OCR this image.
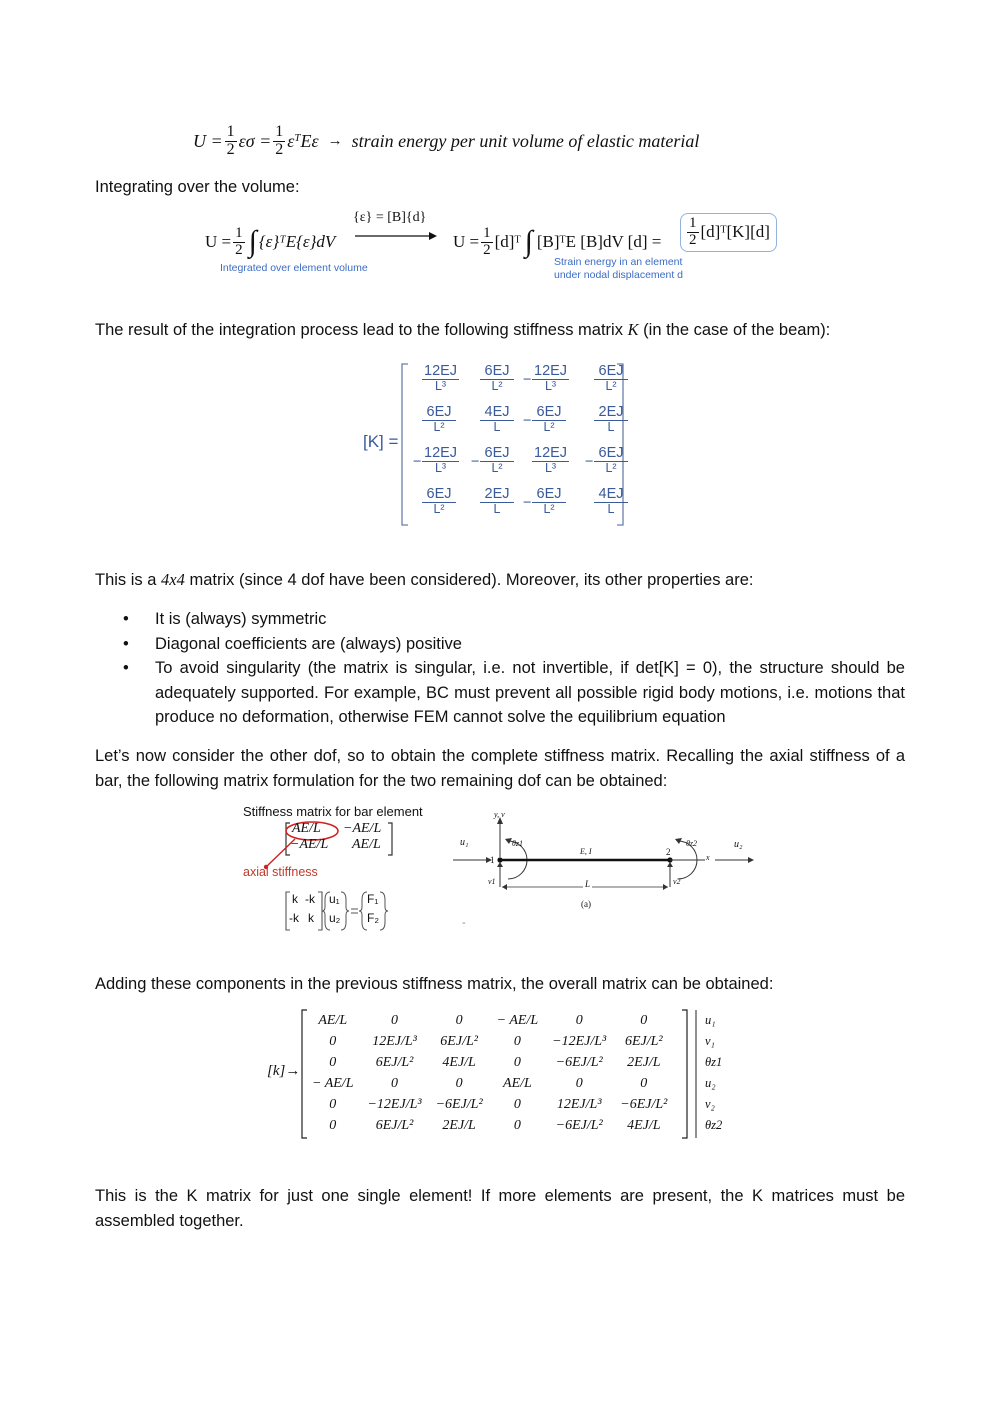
$U = \frac{1}{2}$ $\varepsilon\sigma = \frac{1}{2} \varepsilon^T$ Eε → strain energy per unit volume of elastic material
Integrating over the volume:
$U = \frac{1}{2}$ ∫ {ε}ᵀE{ε}dV
Integrated over element volume
{ε} = [B]{d}
$U = \frac{1}{2}$ [d]ᵀ ∫ [B]ᵀE [B]dV $[d] = \frac{1}{2}$ [d]ᵀ[K][d]
Strain energy in an element
under nodal displacement d
The result of the integration process lead to the following stiffness matrix K (in the case of the beam):
[K] =
$\frac{12EJ}{\text{L³}} \frac{6EJ}{\text{L²}} - \frac{12EJ}{\text{L³}} \frac{6EJ}{\text{L²}}$
$\frac{6EJ}{\text{L²}} \frac{4EJ}{L} - \frac{6EJ}{\text{L²}} \frac{2EJ}{L}$
− $\frac{12EJ}{\text{L³}} - \frac{6EJ}{\text{L²}} \frac{12EJ}{\text{L³}} - \frac{6EJ}{\text{L²}}$
$\frac{6EJ}{\text{L²}} \frac{2EJ}{L} - \frac{6EJ}{\text{L²}} \frac{4EJ}{L}$
This is a 4x4 matrix (since 4 dof have been considered). Moreover, its other properties are:
• It is (always) symmetric
• Diagonal coefficients are (always) positive
• To avoid singularity (the matrix is singular, i.e. not invertible, if det[K] = 0), the structure should be adequately supported. For example, BC must prevent all possible rigid body motions, i.e. motions that produce no deformation, otherwise FEM cannot solve the equilibrium equation
Let’s now consider the other dof, so to obtain the complete stiffness matrix. Recalling the axial stiffness of a bar, the following matrix formulation for the two remaining dof can be obtained:
Stiffness matrix for bar element
AE/L −AE/L
−AE/L AE/L
axial stiffness
k -k
-k k
u₁
u₂
F₁
F₂
y, v
u₁	θz1
E, I
1
2
θz2
x
u₂
v1	v2
L
(a)
-
Adding these components in the previous stiffness matrix, the overall matrix can be obtained:
[k]→
AE/L	0	0	− AE/L	0	0
0	12EJ/L³	6EJ/L²	0	−12EJ/L³	6EJ/L²
0	6EJ/L²	4EJ/L	0	−6EJ/L²	2EJ/L
− AE/L	0	0	AE/L	0	0
0	−12EJ/L³	−6EJ/L²	0	12EJ/L³	−6EJ/L²
0	6EJ/L²	2EJ/L	0	−6EJ/L²	4EJ/L
u₁
v₁
θz1
u₂
v₂
θz2
This is the K matrix for just one single element! If more elements are present, the K matrices must be assembled together.
